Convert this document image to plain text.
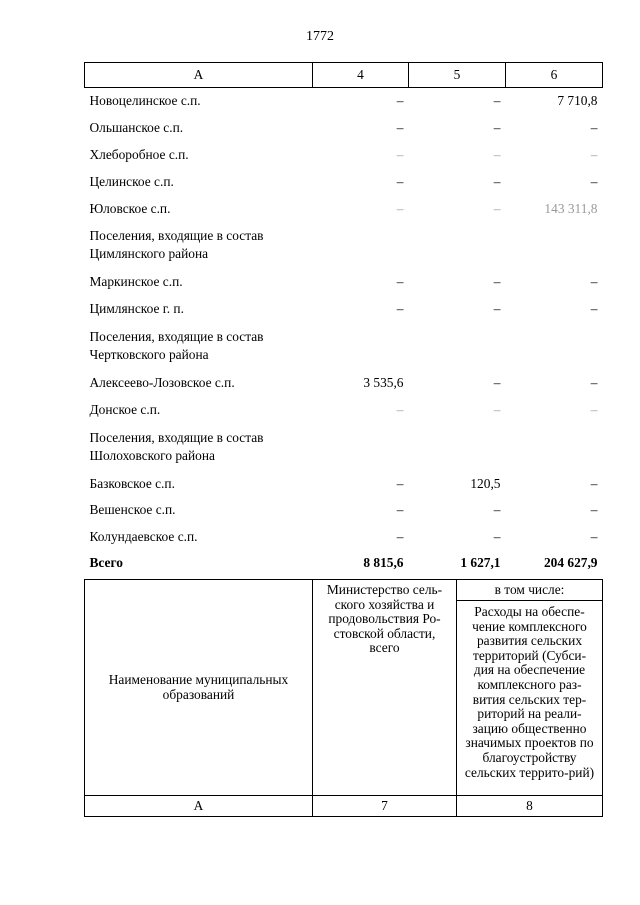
1772
А	4	5	6
Новоцелинское с.п.	–	–	7 710,8
Ольшанское с.п.	–	–	–
Хлеборобное с.п.	–	–	–
Целинское с.п.	–	–	–
Юловское с.п.	–	–	143 311,8
Поселения, входящие в состав Цимлянского района			
Маркинское с.п.	–	–	–
Цимлянское г. п.	–	–	–
Поселения, входящие в состав Чертковского района			
Алексеево-Лозовское с.п.	3 535,6	–	–
Донское с.п.	–	–	–
Поселения, входящие в состав Шолоховского района			
Базковское с.п.	–	120,5	–
Вешенское с.п.	–	–	–
Колундаевское с.п.	–	–	–
Всего	8 815,6	1 627,1	204 627,9
Наименование муниципальных образований	Министерство сель-ского хозяйства и продовольствия Ро-стовской области, всего	в том числе:
		Расходы на обеспе-чение комплексного развития сельских территорий (Субси-дия на обеспечение комплексного раз-вития сельских тер-риторий на реали-зацию общественно значимых проектов по благоустройству сельских террито-рий)
А	7	8
